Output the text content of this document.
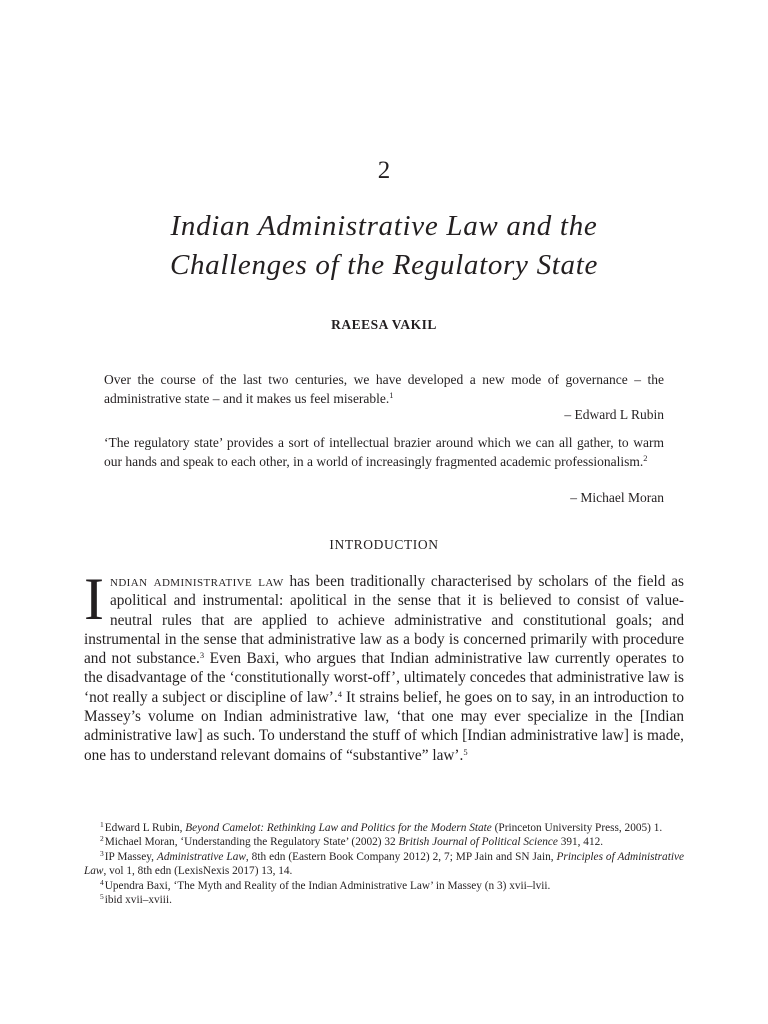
2
Indian Administrative Law and the
Challenges of the Regulatory State
RAEESA VAKIL

Over the course of the last two centuries, we have developed a new mode of governance – the administrative state – and it makes us feel miserable.$^1$

– Edward L Rubin

‘The regulatory state’ provides a sort of intellectual brazier around which we can all gather, to warm our hands and speak to each other, in a world of increasingly fragmented academic professionalism.$^2$

– Michael Moran
INTRODUCTION

Indian administrative law has been traditionally characterised by scholars of the field as apolitical and instrumental: apolitical in the sense that it is believed to consist of value-neutral rules that are applied to achieve administrative and constitutional goals; and instrumental in the sense that administrative law as a body is concerned primarily with procedure and not substance.$^3$ Even Baxi, who argues that Indian administrative law currently operates to the disadvantage of the ‘constitutionally worst-off’, ultimately concedes that administrative law is ‘not really a subject or discipline of law’.$^4$ It strains belief, he goes on to say, in an introduction to Massey’s volume on Indian administrative law, ‘that one may ever specialize in the [Indian administrative law] as such. To understand the stuff of which [Indian administrative law] is made, one has to understand relevant domains of “substantive” law’.$^5$

$^1$Edward L Rubin, Beyond Camelot: Rethinking Law and Politics for the Modern State (Princeton University Press, 2005) 1.

$^2$Michael Moran, ‘Understanding the Regulatory State’ (2002) 32 British Journal of Political Science 391, 412.

$^3$IP Massey, Administrative Law, 8th edn (Eastern Book Company 2012) 2, 7; MP Jain and SN Jain, Principles of Administrative Law, vol 1, 8th edn (LexisNexis 2017) 13, 14.

$^4$Upendra Baxi, ‘The Myth and Reality of the Indian Administrative Law’ in Massey (n 3) xvii–lvii.

$^5$ibid xvii–xviii.
